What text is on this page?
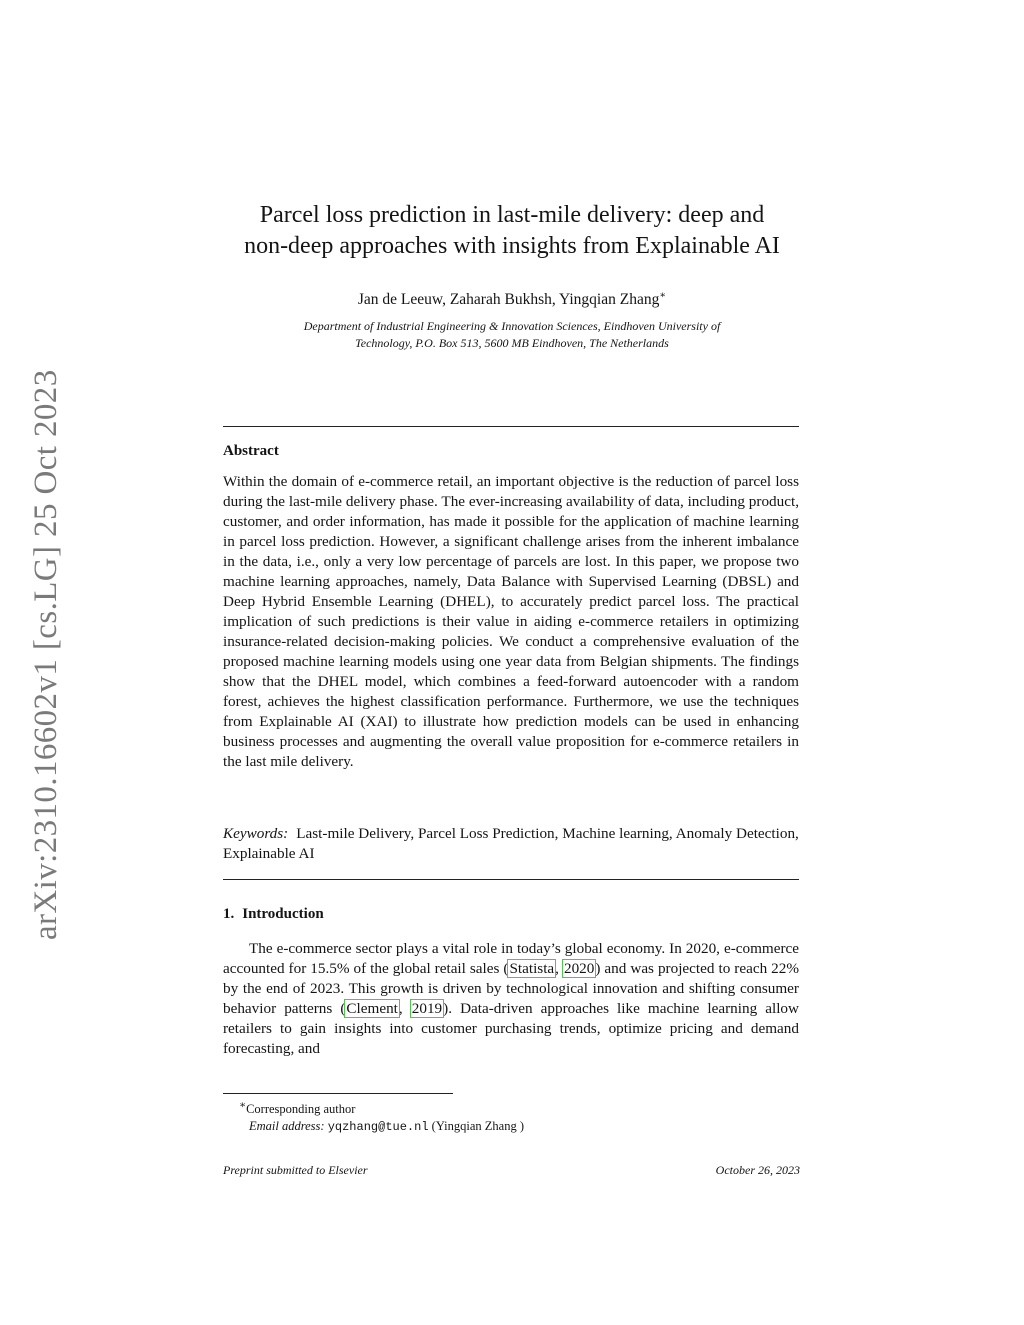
arXiv:2310.16602v1 [cs.LG] 25 Oct 2023
Parcel loss prediction in last-mile delivery: deep and
non-deep approaches with insights from Explainable AI
Jan de Leeuw, Zaharah Bukhsh, Yingqian Zhang∗
Department of Industrial Engineering & Innovation Sciences, Eindhoven University of
Technology, P.O. Box 513, 5600 MB Eindhoven, The Netherlands
Abstract
Within the domain of e-commerce retail, an important objective is the reduction of parcel loss during the last-mile delivery phase. The ever-increasing availability of data, including product, customer, and order information, has made it possible for the application of machine learning in parcel loss prediction. However, a significant challenge arises from the inherent imbalance in the data, i.e., only a very low percentage of parcels are lost. In this paper, we propose two machine learning approaches, namely, Data Balance with Supervised Learning (DBSL) and Deep Hybrid Ensemble Learning (DHEL), to accurately predict parcel loss. The practical implication of such predictions is their value in aiding e-commerce retailers in optimizing insurance-related decision-making policies. We conduct a comprehensive evaluation of the proposed machine learning models using one year data from Belgian shipments. The findings show that the DHEL model, which combines a feed-forward autoencoder with a random forest, achieves the highest classification performance. Furthermore, we use the techniques from Explainable AI (XAI) to illustrate how prediction models can be used in enhancing business processes and augmenting the overall value proposition for e-commerce retailers in the last mile delivery.
Keywords: Last-mile Delivery, Parcel Loss Prediction, Machine learning, Anomaly Detection, Explainable AI
1. Introduction
The e-commerce sector plays a vital role in today’s global economy. In 2020, e-commerce accounted for 15.5% of the global retail sales (Statista, 2020) and was projected to reach 22% by the end of 2023. This growth is driven by technological innovation and shifting consumer behavior patterns (Clement, 2019). Data-driven approaches like machine learning allow retailers to gain insights into customer purchasing trends, optimize pricing and demand forecasting, and
∗Corresponding author
Email address: yqzhang@tue.nl (Yingqian Zhang )
Preprint submitted to Elsevier	October 26, 2023
